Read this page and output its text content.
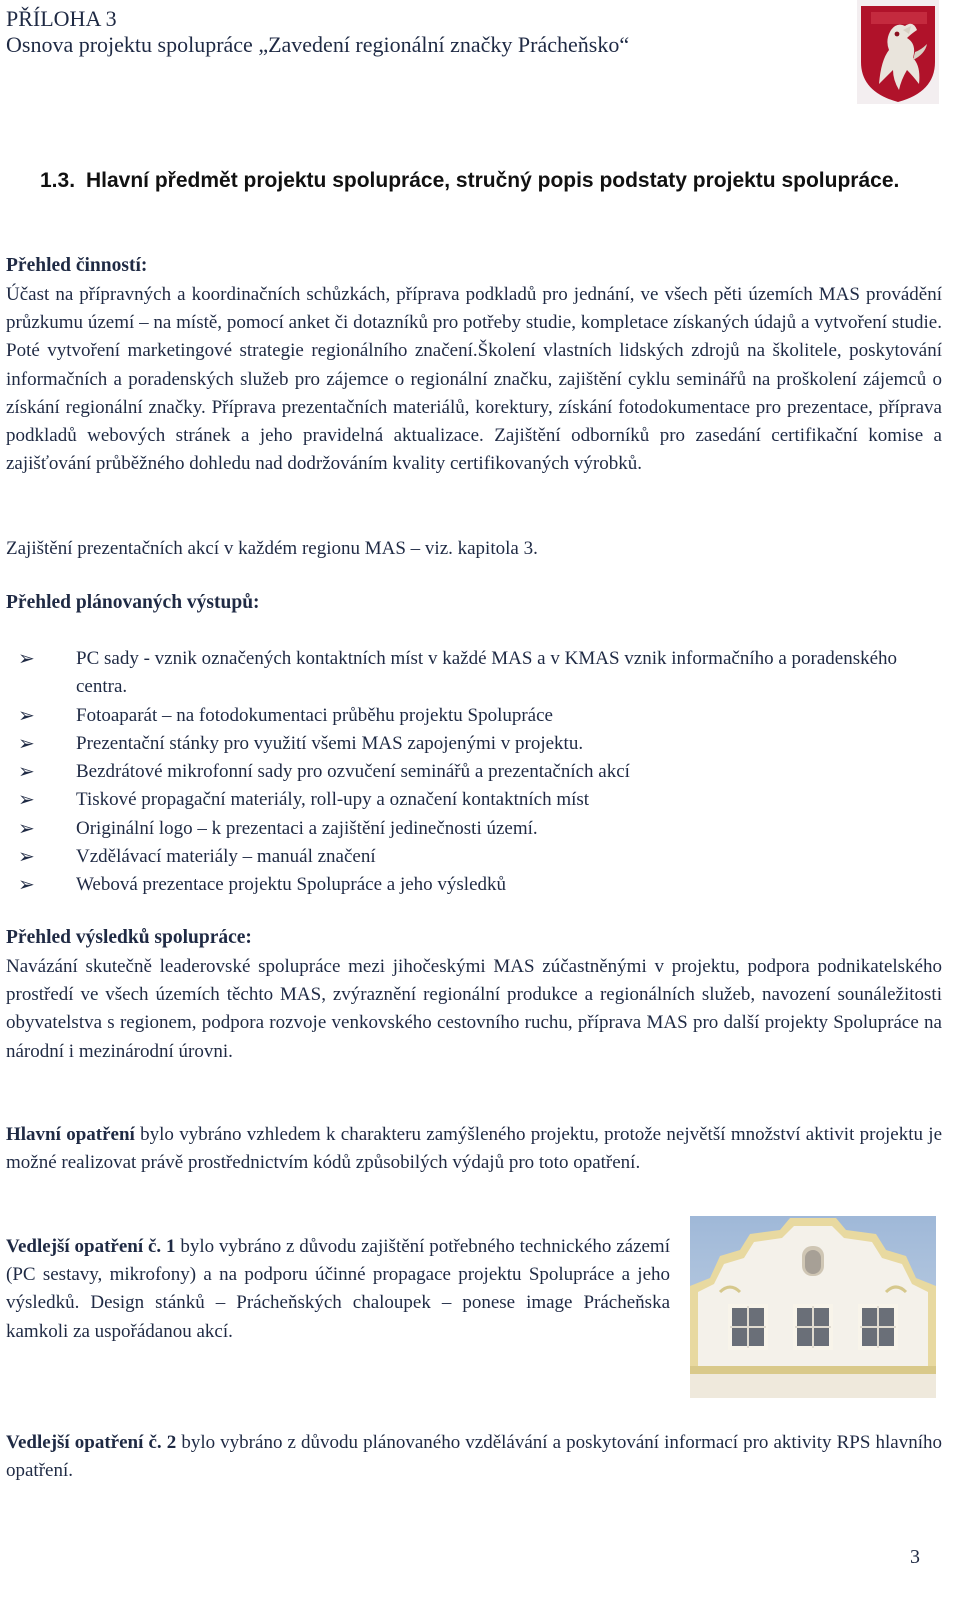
PŘÍLOHA 3
Osnova projektu spolupráce „Zavedení regionální značky Prácheňsko“
1.3. Hlavní předmět projektu spolupráce, stručný popis podstaty projektu spolupráce.
Přehled činností:
Účast na přípravných a koordinačních schůzkách, příprava podkladů pro jednání, ve všech pěti územích MAS provádění průzkumu území – na místě, pomocí anket či dotazníků pro potřeby studie, kompletace získaných údajů a vytvoření studie. Poté vytvoření marketingové strategie regionálního značení.Školení vlastních lidských zdrojů na školitele, poskytování informačních a poradenských služeb pro zájemce o regionální značku, zajištění cyklu seminářů na proškolení zájemců o získání regionální značky. Příprava prezentačních materiálů, korektury, získání fotodokumentace pro prezentace, příprava podkladů webových stránek a jeho pravidelná aktualizace. Zajištění odborníků pro zasedání certifikační komise a zajišťování průběžného dohledu nad dodržováním kvality certifikovaných výrobků.
Zajištění prezentačních akcí v každém regionu MAS – viz. kapitola 3.
Přehled plánovaných výstupů:
➢ PC sady - vznik označených kontaktních míst v každé MAS a v KMAS vznik informačního a poradenského centra.
➢ Fotoaparát – na fotodokumentaci průběhu projektu Spolupráce
➢ Prezentační stánky pro využití všemi MAS zapojenými v projektu.
➢ Bezdrátové mikrofonní sady pro ozvučení seminářů a prezentačních akcí
➢ Tiskové propagační materiály, roll-upy a označení kontaktních míst
➢ Originální logo – k prezentaci a zajištění jedinečnosti území.
➢ Vzdělávací materiály – manuál značení
➢ Webová prezentace projektu Spolupráce a jeho výsledků
Přehled výsledků spolupráce:
Navázání skutečně leaderovské spolupráce mezi jihočeskými MAS zúčastněnými v projektu, podpora podnikatelského prostředí ve všech územích těchto MAS, zvýraznění regionální produkce a regionálních služeb, navození sounáležitosti obyvatelstva s regionem, podpora rozvoje venkovského cestovního ruchu, příprava MAS pro další projekty Spolupráce na národní i mezinárodní úrovni.
Hlavní opatření bylo vybráno vzhledem k charakteru zamýšleného projektu, protože největší množství aktivit projektu je možné realizovat právě prostřednictvím kódů způsobilých výdajů pro toto opatření.
Vedlejší opatření č. 1 bylo vybráno z důvodu zajištění potřebného technického zázemí (PC sestavy, mikrofony) a na podporu účinné propagace projektu Spolupráce a jeho výsledků. Design stánků – Prácheňských chaloupek – ponese image Prácheňska kamkoli za uspořádanou akcí.
Vedlejší opatření č. 2 bylo vybráno z důvodu plánovaného vzdělávání a poskytování informací pro aktivity RPS hlavního opatření.
3
